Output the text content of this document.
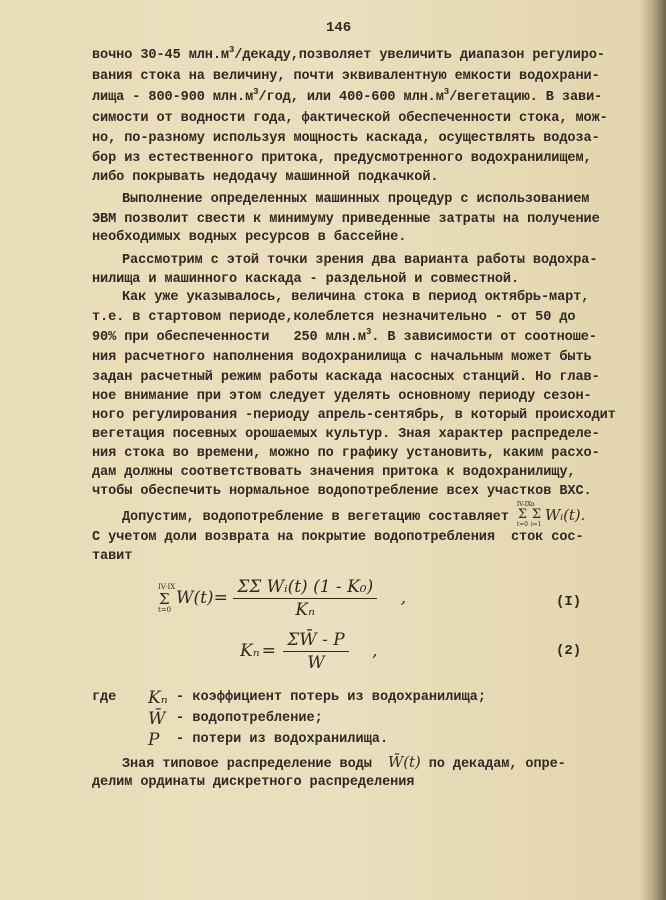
146
вочно 30-45 $млн.м^3/декаду,позволяет$ увеличить диапазон регулиро-
вания стока на величину, почти эквивалентную емкости водохрани-
лища - 800-900 $млн.м^3$/год, или 400-600 $млн.м^3$/вегетацию. В зави-
симости от водности года, фактической обеспеченности стока, мож-
но, по-разному используя мощность каскада, осуществлять водоза-
бор из естественного притока, предусмотренного водохранилищем,
либо покрывать недодачу машинной подкачкой.
Выполнение определенных машинных процедур с использованием
ЭВМ позволит свести к минимуму приведенные затраты на получение
необходимых водных ресурсов в бассейне.
Рассмотрим с этой точки зрения два варианта работы водохра-
нилища и машинного каскада - раздельной и совместной.
Как уже указывалось, величина стока в период октябрь-март,
т.е. в стартовом периоде,колеблется незначительно - от 50 до
90% при обеспеченности   250 $млн.м^3$. В зависимости от соотноше-
ния расчетного наполнения водохранилища с начальным может быть
задан расчетный режим работы каскада насосных станций. Но глав-
ное внимание при этом следует уделять основному периоду сезон-
ного регулирования -периоду апрель-сентябрь, в который происходит
вегетация посевных орошаемых культур. Зная характер распределе-
ния стока во времени, можно по графику установить, каким расхо-
дам должны соответствовать значения притока к водохранилищу,
чтобы обеспечить нормальное водопотребление всех участков ВХС.
Допустим, водопотребление в вегетацию составляет
IV-IX
Σ
t=0
n
Σ
i=1
Wᵢ(t).
С учетом доли возврата на покрытие водопотребления  сток сос-
тавит
IV-IX
Σ
t=0
$W(t)= \frac{\text{ΣΣ Wᵢ(t) (1 - K₀)}}{\text{Kₙ}}$ ,	(I)
$K_n = \frac{\Sigma W̄ - P}{W}$ ,	(2)
где Kₙ - коэффициент потерь из водохранилища;
W̄ - водопотребление;
P - потери из водохранилища.
Зная типовое распределение воды W̄(t) по декадам, опре-
делим ординаты дискретного распределения
